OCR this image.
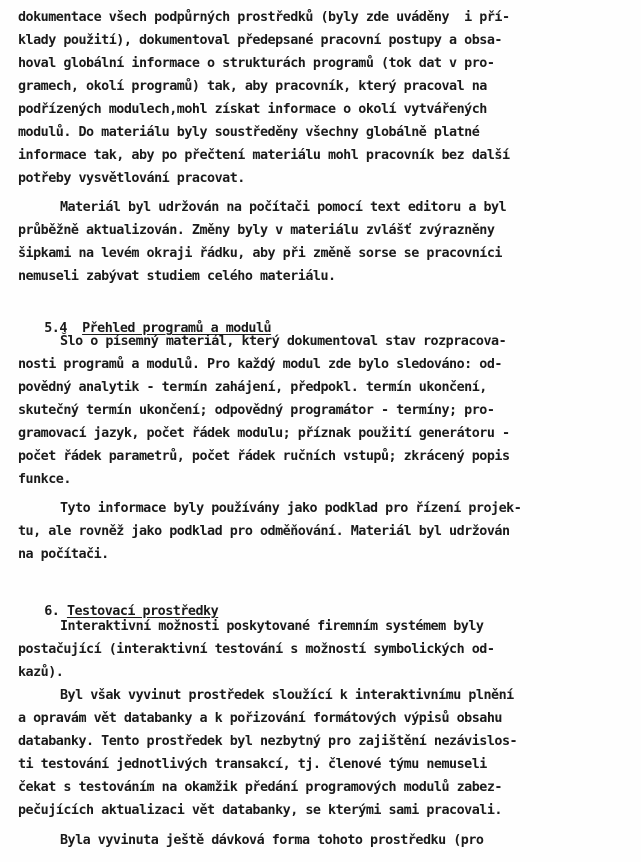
dokumentace všech podpůrných prostředků (byly zde uváděny  i pří-
klady použití), dokumentoval předepsané pracovní postupy a obsa-
hoval globální informace o strukturách programů (tok dat v pro-
gramech, okolí programů) tak, aby pracovník, který pracoval na
podřízených modulech,mohl získat informace o okolí vytvářených
modulů. Do materiálu byly soustředěny všechny globálně platné
informace tak, aby po přečtení materiálu mohl pracovník bez další
potřeby vysvětlování pracovat.
Materiál byl udržován na počítači pomocí text editoru a byl
průběžně aktualizován. Změny byly v materiálu zvlášť zvýrazněny
šipkami na levém okraji řádku, aby při změně sorse se pracovníci
nemuseli zabývat studiem celého materiálu.

5.4 Přehled programů a modulů

Šlo o písemný materiál, který dokumentoval stav rozpracova-
nosti programů a modulů. Pro každý modul zde bylo sledováno: od-
povědný analytik - termín zahájení, předpokl. termín ukončení,
skutečný termín ukončení; odpovědný programátor - termíny; pro-
gramovací jazyk, počet řádek modulu; příznak použití generátoru -
počet řádek parametrů, počet řádek ručních vstupů; zkrácený popis
funkce.
Tyto informace byly používány jako podklad pro řízení projek-
tu, ale rovněž jako podklad pro odměňování. Materiál byl udržován
na počítači.

6. Testovací prostředky

Interaktivní možnosti poskytované firemním systémem byly
postačující (interaktivní testování s možností symbolických od-
kazů).
Byl však vyvinut prostředek sloužící k interaktivnímu plnění
a opravám vět databanky a k pořizování formátových výpisů obsahu
databanky. Tento prostředek byl nezbytný pro zajištění nezávislos-
ti testování jednotlivých transakcí, tj. členové týmu nemuseli
čekat s testováním na okamžik předání programových modulů zabez-
pečujících aktualizaci vět databanky, se kterými sami pracovali.
Byla vyvinuta ještě dávková forma tohoto prostředku (pro
